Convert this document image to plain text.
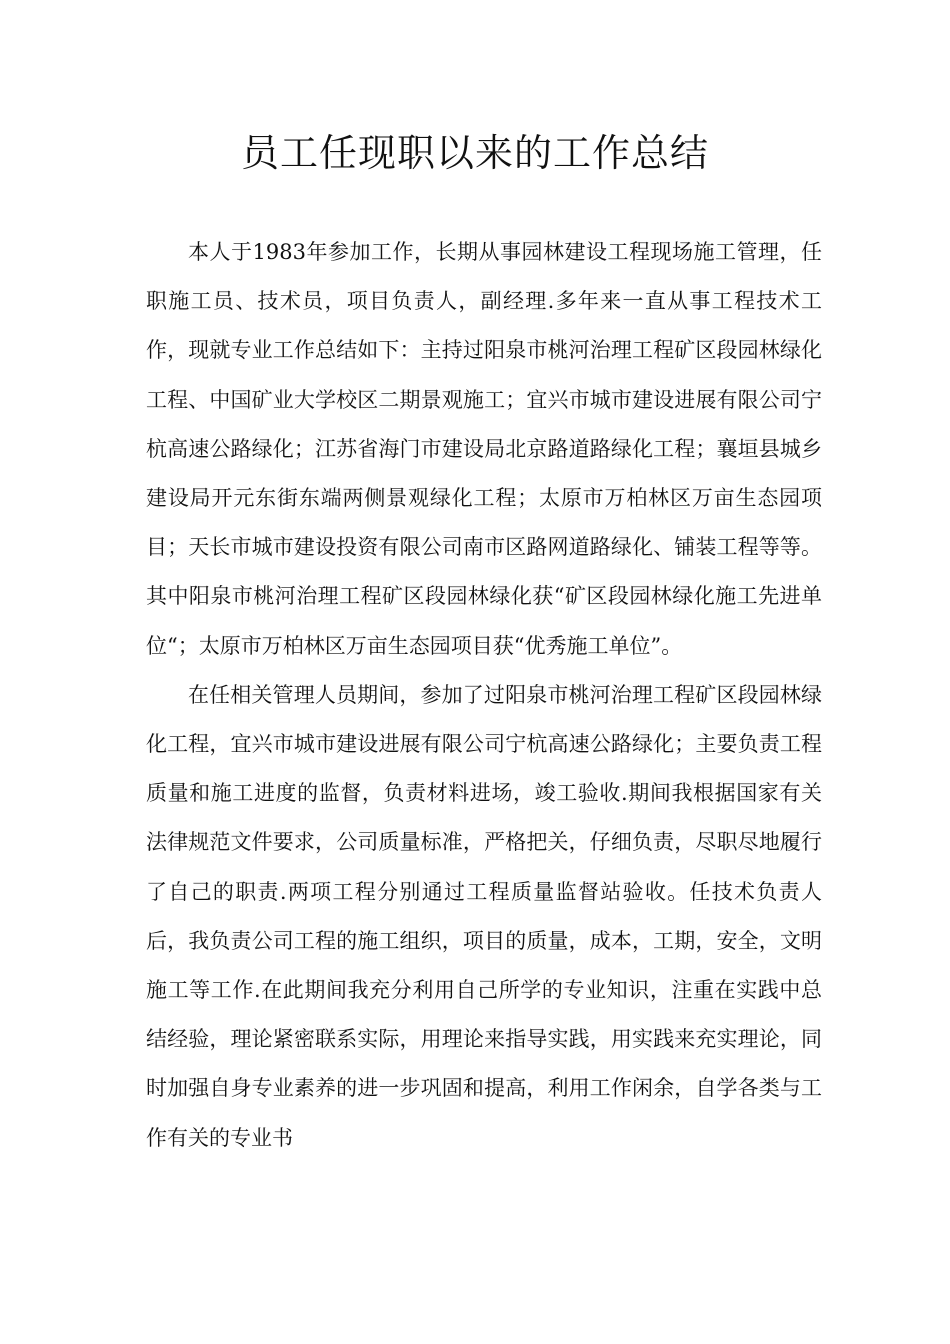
员工任现职以来的工作总结

本人于1983年参加工作，长期从事园林建设工程现场施工管理，任职施工员、技术员，项目负责人，副经理.多年来一直从事工程技术工作，现就专业工作总结如下：主持过阳泉市桃河治理工程矿区段园林绿化工程、中国矿业大学校区二期景观施工；宜兴市城市建设进展有限公司宁杭高速公路绿化；江苏省海门市建设局北京路道路绿化工程；襄垣县城乡建设局开元东街东端两侧景观绿化工程；太原市万柏林区万亩生态园项目；天长市城市建设投资有限公司南市区路网道路绿化、铺装工程等等。其中阳泉市桃河治理工程矿区段园林绿化获“矿区段园林绿化施工先进单位“；太原市万柏林区万亩生态园项目获“优秀施工单位”。

在任相关管理人员期间，参加了过阳泉市桃河治理工程矿区段园林绿化工程，宜兴市城市建设进展有限公司宁杭高速公路绿化；主要负责工程质量和施工进度的监督，负责材料进场，竣工验收.期间我根据国家有关法律规范文件要求，公司质量标准，严格把关，仔细负责，尽职尽地履行了自己的职责.两项工程分别通过工程质量监督站验收。任技术负责人后，我负责公司工程的施工组织，项目的质量，成本，工期，安全，文明施工等工作.在此期间我充分利用自己所学的专业知识，注重在实践中总结经验，理论紧密联系实际，用理论来指导实践，用实践来充实理论，同时加强自身专业素养的进一步巩固和提高，利用工作闲余，自学各类与工作有关的专业书
